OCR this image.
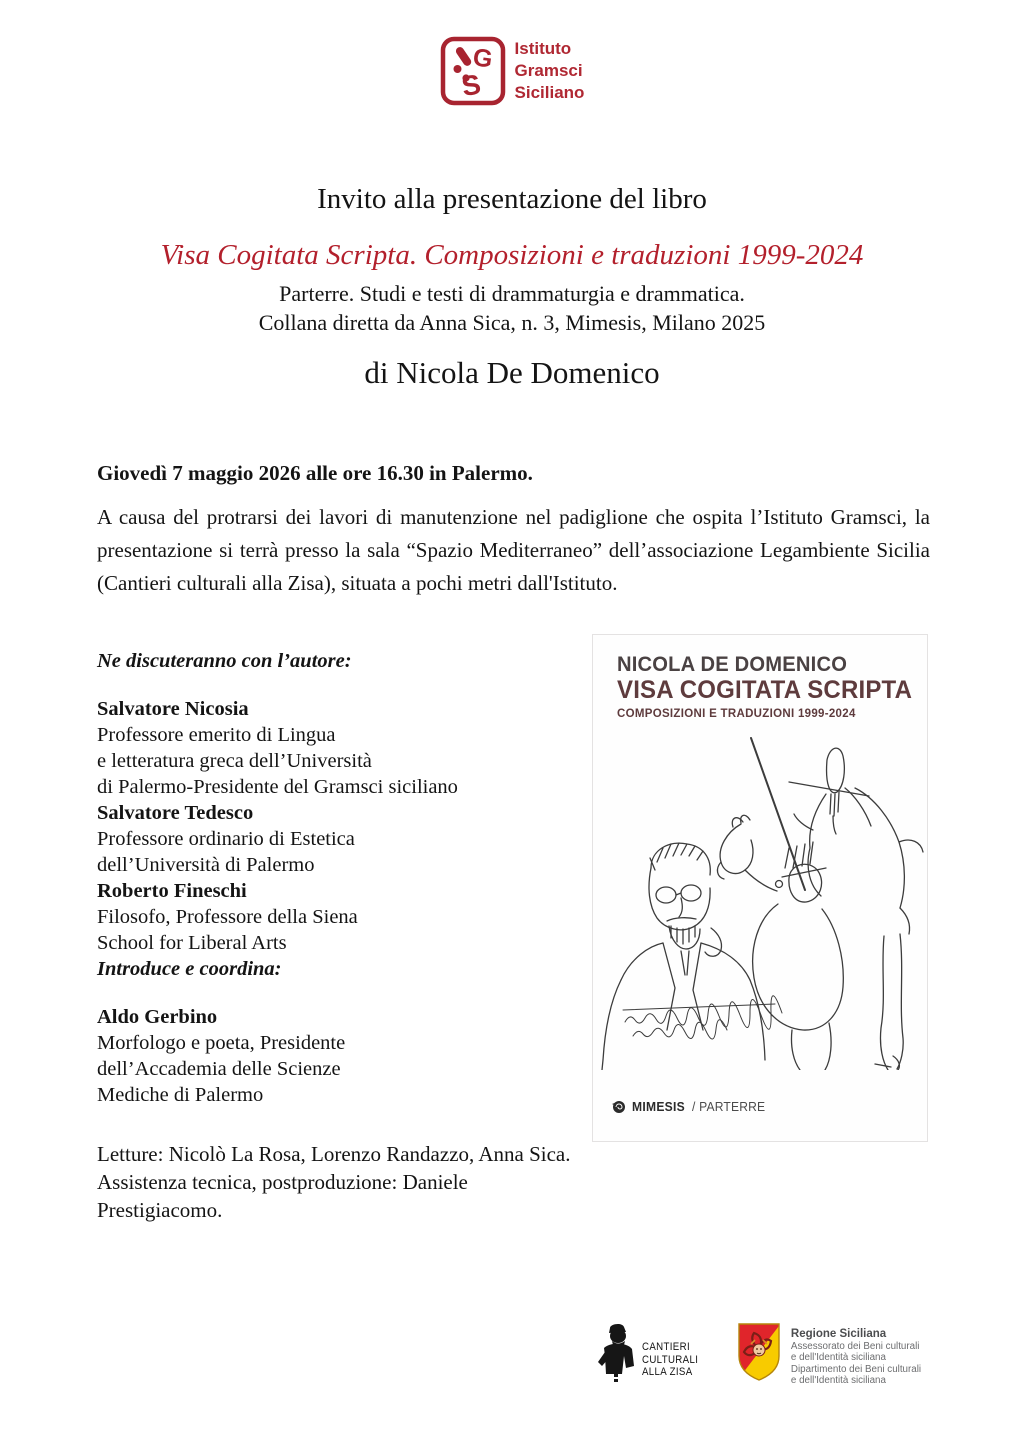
G
S
Istituto
Gramsci
Siciliano
Invito alla presentazione del libro
Visa Cogitata Scripta. Composizioni e traduzioni 1999-2024
Parterre. Studi e testi di drammaturgia e drammatica.
Collana diretta da Anna Sica, n. 3, Mimesis, Milano 2025
di Nicola De Domenico
Giovedì 7 maggio 2026 alle ore 16.30 in Palermo.
A causa del protrarsi dei lavori di manutenzione nel padiglione che ospita l’Istituto Gramsci, la presentazione si terrà presso la sala “Spazio Mediterraneo” dell’associazione Legambiente Sicilia (Cantieri culturali alla Zisa), situata a pochi metri dall'Istituto.
Ne discuteranno con l’autore:
Salvatore Nicosia
Professore emerito di Lingua
e letteratura greca dell’Università
di Palermo-Presidente del Gramsci siciliano
Salvatore Tedesco
Professore ordinario di Estetica
dell’Università di Palermo
Roberto Fineschi
Filosofo, Professore della Siena
School for Liberal Arts
Introduce e coordina:
Aldo Gerbino
Morfologo e poeta, Presidente
dell’Accademia delle Scienze
Mediche di Palermo
Letture: Nicolò La Rosa, Lorenzo Randazzo, Anna Sica.
Assistenza tecnica, postproduzione: Daniele Prestigiacomo.
NICOLA DE DOMENICO
VISA COGITATA SCRIPTA
COMPOSIZIONI E TRADUZIONI 1999-2024
MIMESIS / PARTERRE
CANTIERI
CULTURALI
ALLA ZISA
Regione Siciliana
Assessorato dei Beni culturali
e dell'Identità siciliana
Dipartimento dei Beni culturali
e dell'Identità siciliana
